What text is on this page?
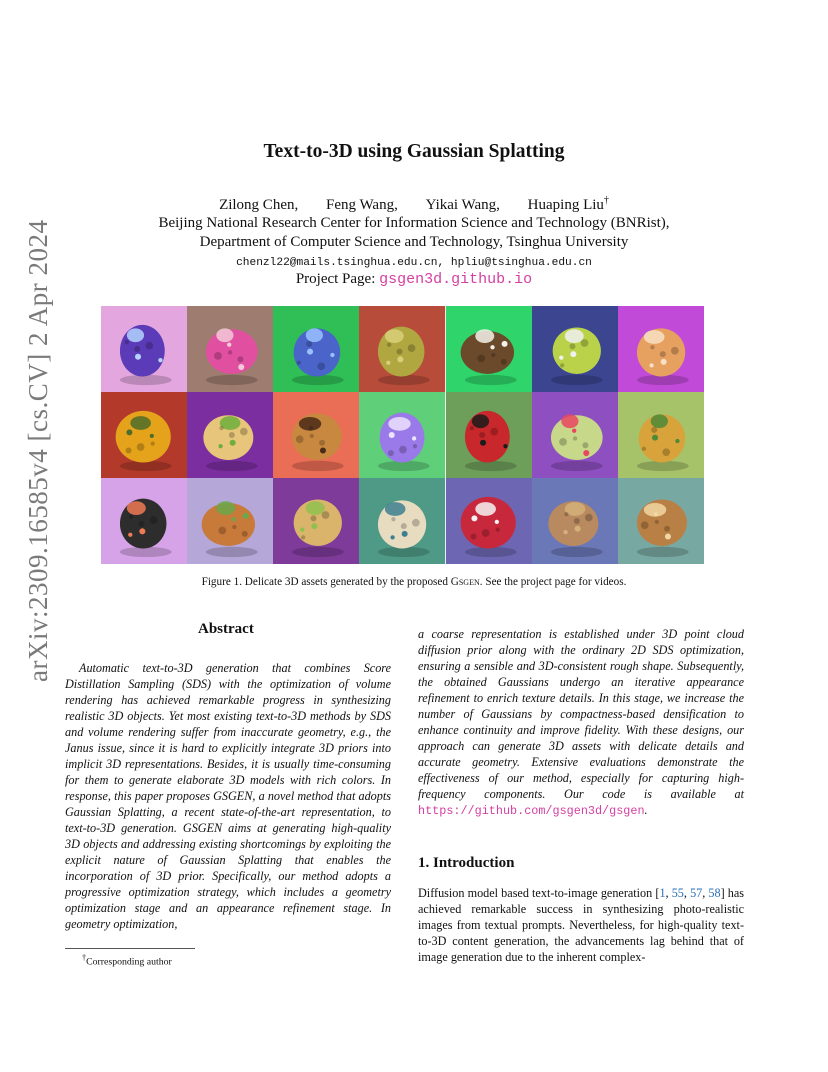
arXiv:2309.16585v4 [cs.CV] 2 Apr 2024
Text-to-3D using Gaussian Splatting
Zilong Chen, Feng Wang, Yikai Wang, Huaping Liu†
Beijing National Research Center for Information Science and Technology (BNRist),
Department of Computer Science and Technology, Tsinghua University
chenzl22@mails.tsinghua.edu.cn, hpliu@tsinghua.edu.cn
Project Page: gsgen3d.github.io
Figure 1. Delicate 3D assets generated by the proposed Gsgen. See the project page for videos.
Abstract
Automatic text-to-3D generation that combines Score Distillation Sampling (SDS) with the optimization of volume rendering has achieved remarkable progress in synthesizing realistic 3D objects. Yet most existing text-to-3D methods by SDS and volume rendering suffer from inaccurate geometry, e.g., the Janus issue, since it is hard to explicitly integrate 3D priors into implicit 3D representations. Besides, it is usually time-consuming for them to generate elaborate 3D models with rich colors. In response, this paper proposes GSGEN, a novel method that adopts Gaussian Splatting, a recent state-of-the-art representation, to text-to-3D generation. GSGEN aims at generating high-quality 3D objects and addressing existing shortcomings by exploiting the explicit nature of Gaussian Splatting that enables the incorporation of 3D prior. Specifically, our method adopts a progressive optimization strategy, which includes a geometry optimization stage and an appearance refinement stage. In geometry optimization,
a coarse representation is established under 3D point cloud diffusion prior along with the ordinary 2D SDS optimization, ensuring a sensible and 3D-consistent rough shape. Subsequently, the obtained Gaussians undergo an iterative appearance refinement to enrich texture details. In this stage, we increase the number of Gaussians by compactness-based densification to enhance continuity and improve fidelity. With these designs, our approach can generate 3D assets with delicate details and accurate geometry. Extensive evaluations demonstrate the effectiveness of our method, especially for capturing high-frequency components. Our code is available at https://github.com/gsgen3d/gsgen.
1. Introduction
Diffusion model based text-to-image generation [1, 55, 57, 58] has achieved remarkable success in synthesizing photo-realistic images from textual prompts. Nevertheless, for high-quality text-to-3D content generation, the advancements lag behind that of image generation due to the inherent complex-
†Corresponding author
